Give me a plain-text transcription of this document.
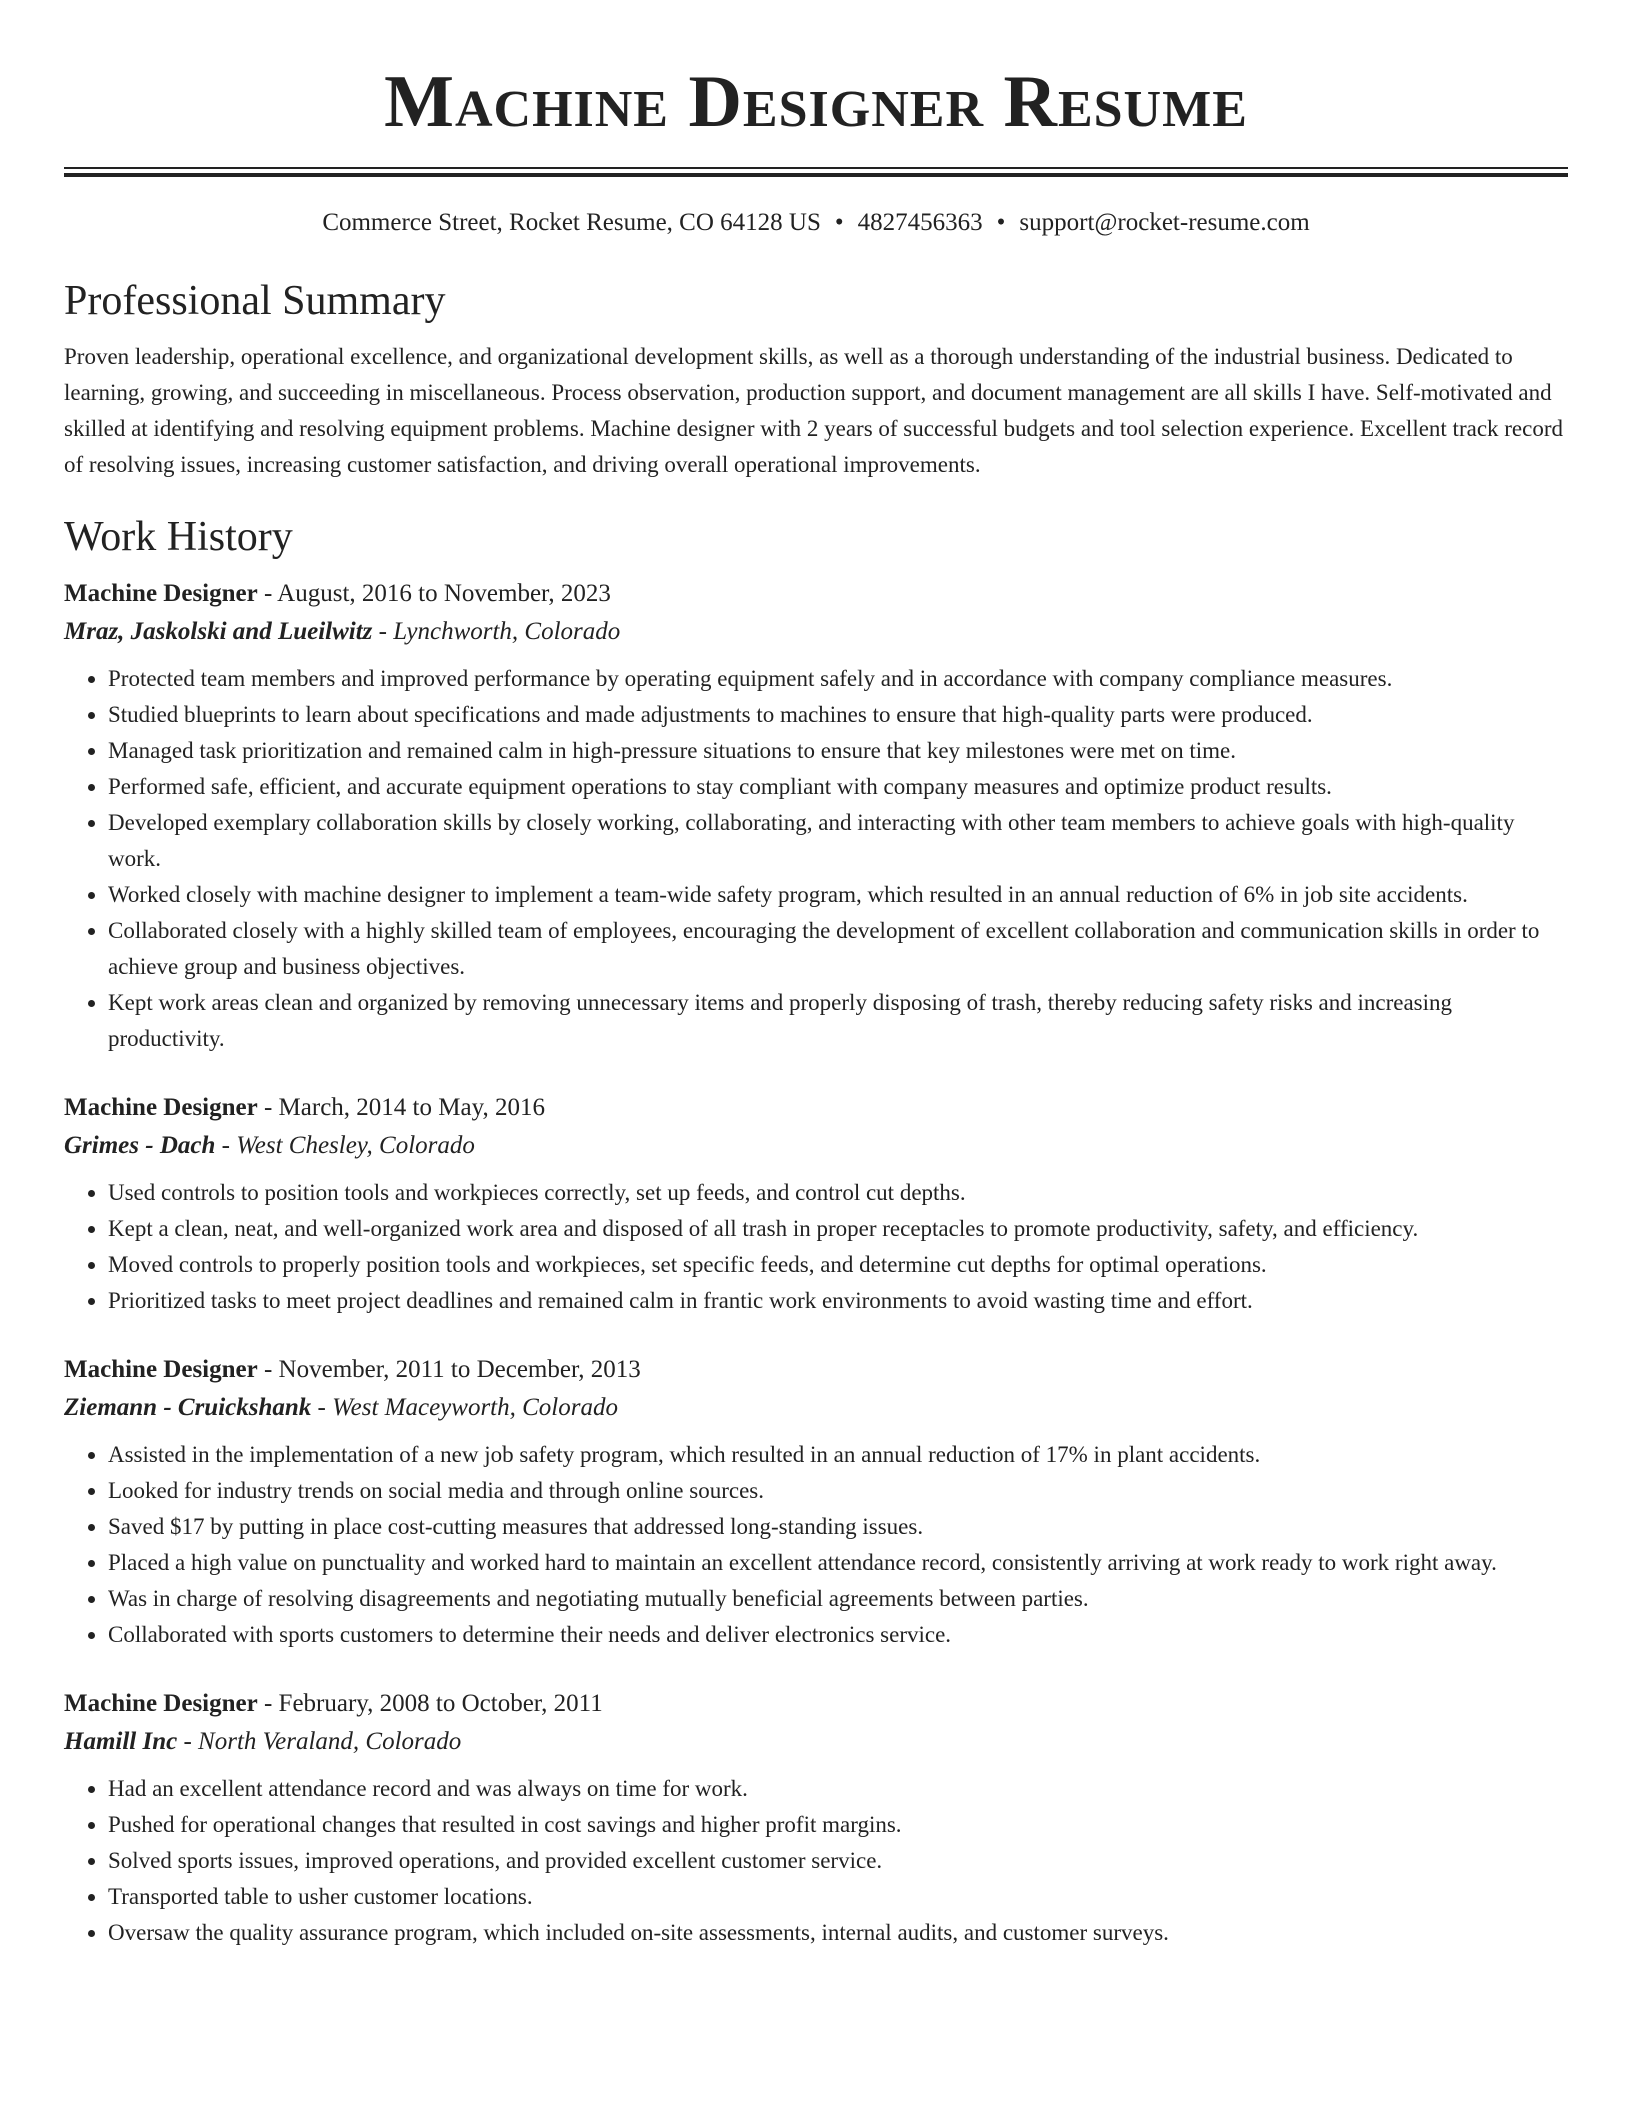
Machine Designer Resume
Commerce Street, Rocket Resume, CO 64128 US • 4827456363 • support@rocket-resume.com
Professional Summary

Proven leadership, operational excellence, and organizational development skills, as well as a thorough understanding of the industrial business. Dedicated to learning, growing, and succeeding in miscellaneous. Process observation, production support, and document management are all skills I have. Self-motivated and skilled at identifying and resolving equipment problems. Machine designer with 2 years of successful budgets and tool selection experience. Excellent track record of resolving issues, increasing customer satisfaction, and driving overall operational improvements.

Work History
Machine Designer - August, 2016 to November, 2023
Mraz, Jaskolski and Lueilwitz - Lynchworth, Colorado
• Protected team members and improved performance by operating equipment safely and in accordance with company compliance measures.
• Studied blueprints to learn about specifications and made adjustments to machines to ensure that high-quality parts were produced.
• Managed task prioritization and remained calm in high-pressure situations to ensure that key milestones were met on time.
• Performed safe, efficient, and accurate equipment operations to stay compliant with company measures and optimize product results.
• Developed exemplary collaboration skills by closely working, collaborating, and interacting with other team members to achieve goals with high-quality work.
• Worked closely with machine designer to implement a team-wide safety program, which resulted in an annual reduction of 6% in job site accidents.
• Collaborated closely with a highly skilled team of employees, encouraging the development of excellent collaboration and communication skills in order to achieve group and business objectives.
• Kept work areas clean and organized by removing unnecessary items and properly disposing of trash, thereby reducing safety risks and increasing productivity.
Machine Designer - March, 2014 to May, 2016
Grimes - Dach - West Chesley, Colorado
• Used controls to position tools and workpieces correctly, set up feeds, and control cut depths.
• Kept a clean, neat, and well-organized work area and disposed of all trash in proper receptacles to promote productivity, safety, and efficiency.
• Moved controls to properly position tools and workpieces, set specific feeds, and determine cut depths for optimal operations.
• Prioritized tasks to meet project deadlines and remained calm in frantic work environments to avoid wasting time and effort.
Machine Designer - November, 2011 to December, 2013
Ziemann - Cruickshank - West Maceyworth, Colorado
• Assisted in the implementation of a new job safety program, which resulted in an annual reduction of 17% in plant accidents.
• Looked for industry trends on social media and through online sources.
• Saved $17 by putting in place cost-cutting measures that addressed long-standing issues.
• Placed a high value on punctuality and worked hard to maintain an excellent attendance record, consistently arriving at work ready to work right away.
• Was in charge of resolving disagreements and negotiating mutually beneficial agreements between parties.
• Collaborated with sports customers to determine their needs and deliver electronics service.
Machine Designer - February, 2008 to October, 2011
Hamill Inc - North Veraland, Colorado
• Had an excellent attendance record and was always on time for work.
• Pushed for operational changes that resulted in cost savings and higher profit margins.
• Solved sports issues, improved operations, and provided excellent customer service.
• Transported table to usher customer locations.
• Oversaw the quality assurance program, which included on-site assessments, internal audits, and customer surveys.
